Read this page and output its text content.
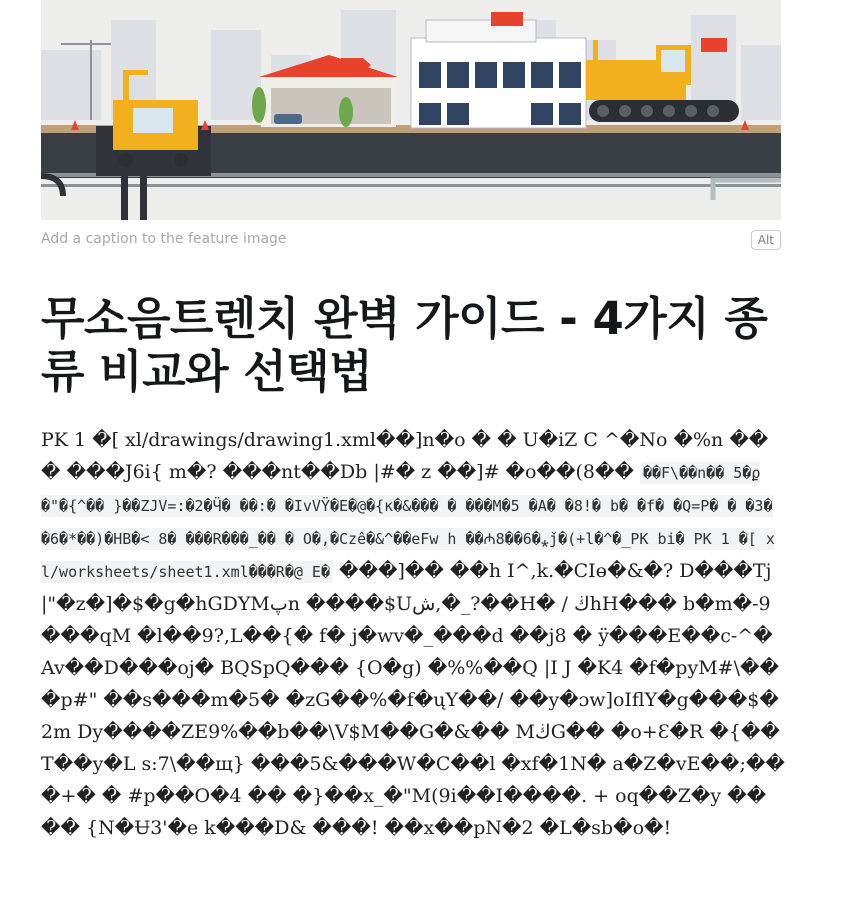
Add a caption to the feature image	Alt
무소음트렌치 완벽 가이드 - 4가지 종류 비교와 선택법
PK 1 �[ xl/drawings/drawing1.xml��]n�o � � U�iZ C ^�No �%n ��� ���J6i{ m�? ���nt��Db |#� z ��]# �o��(8�� ��F\��n�� 5�ϼ�"�{^�� }��ZJV=:�2�Ӵ� ��:� �IvVŸ�E�@�{ĸ�&��� � ���M�5 �A� �8!� b� �f� �Q=P� � �3� �6�*��)�HB�< 8� ���R���_�� � O�,�Czê�&^��eFw h ��₼8��6�⁎ǰ�(+l�^�_PK bi� PK 1 �[ xl/worksheets/sheet1.xml���R�@ E� ���]�� ��h I^,k.�CIɵ�&�? D���Tj|"�z�]�$�g�hGDYMپn ����$Uش,�_?��H� / ڬhH��� b�m�-9 ���qM �l��9?,L��{� f� j�wv�_���d ��j8 � ÿ���E��c-^�Av��D���oj� BQSpQ��� {O�g) �%%��Q |I J �K4 �f�pyM#\���p#" ��s���m�5� �zG��%�f�ųY��/ ��y�ɔw]oIflY�g���$�2m Dy����ZE9%��b��\V$M��G�&�� MڬG�� �o+Ɛ�R �{��T��y�L s:7\��щ} ���5&���W�C��l �xf�1N� a�Z�vE��;���+� � #p��O�4 �� �}��x_�"M(9i��I����. + oq��Z�y �� �� {N�Ʉ3'�e k���D& ���! ��x��pN�2 �L�sb�o�!
